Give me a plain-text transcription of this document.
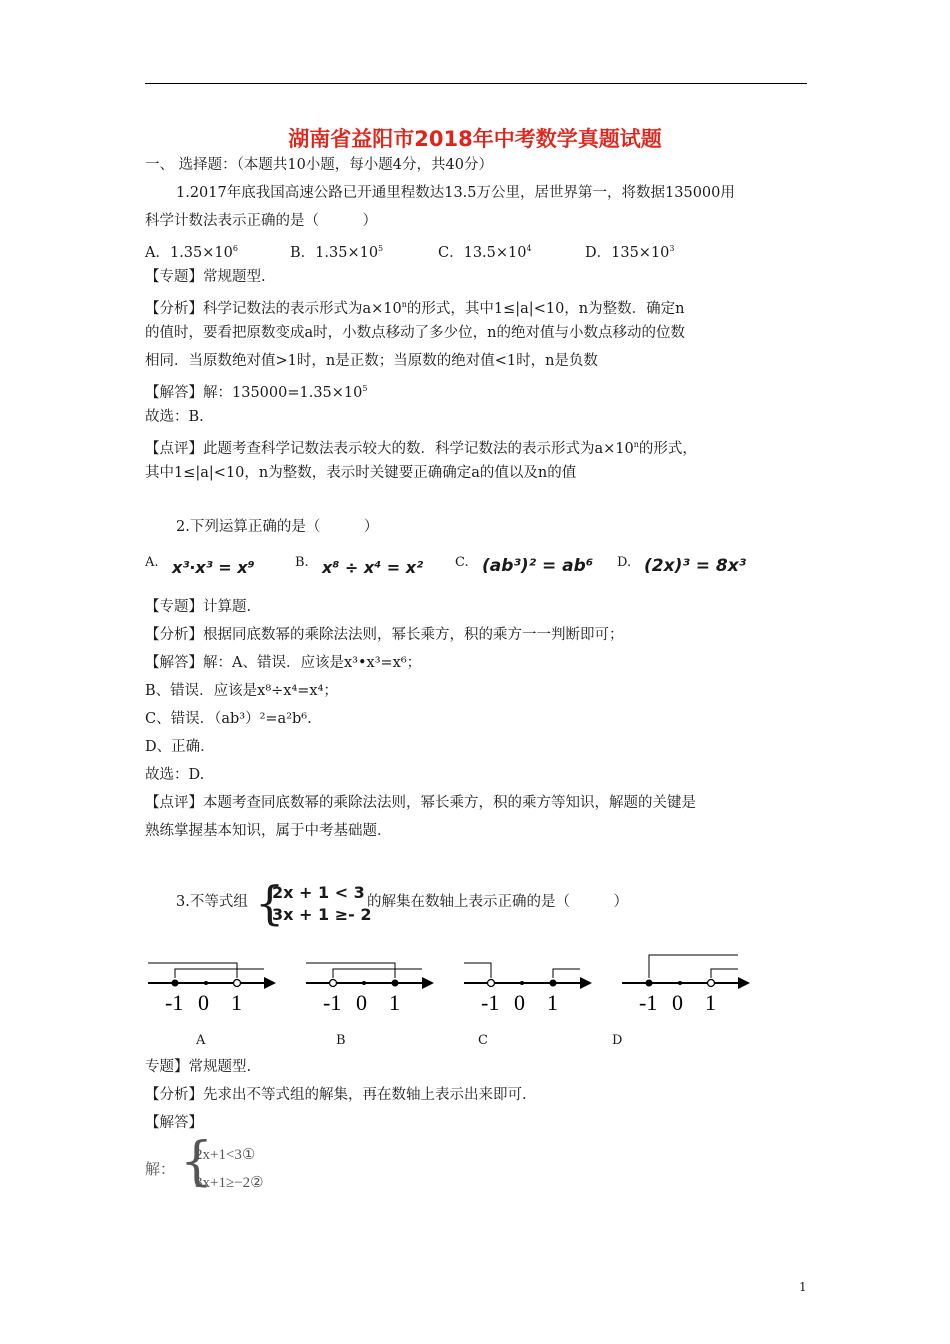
湖南省益阳市2018年中考数学真题试题
一、 选择题：（本题共10小题，每小题4分，共40分）
1.2017年底我国高速公路已开通里程数达13.5万公里，居世界第一，将数据135000用
科学计数法表示正确的是（　　　）
A．$1.35\times 10^6$	B．$1.35\times 10^5$	C．$13.5\times 10^4$	D．$135\times 10^3$
【专题】常规题型.
【分析】科学记数法的表示形式为$a\times 10^n$的形式，其中1≤|a|<10，n为整数．确定n
的值时，要看把原数变成a时，小数点移动了多少位，n的绝对值与小数点移动的位数
相同．当原数绝对值>1时，n是正数；当原数的绝对值<1时，n是负数
【解答】解：$135000=1.35\times 10^5$
故选：B.
【点评】此题考查科学记数法表示较大的数．科学记数法的表示形式为$a\times 10^n$的形式，
其中1≤|a|<10，n为整数，表示时关键要正确确定a的值以及n的值
2.下列运算正确的是（　　　）
A. x³⋅x³ = x⁹	B. x⁸ ÷ x⁴ = x² C. (ab³)² = ab⁶ D. (2x)³ = 8x³
【专题】计算题.
【分析】根据同底数幂的乘除法法则，幂长乘方，积的乘方一一判断即可；
【解答】解：A、错误．应该是x³•x³=x⁶；
B、错误．应该是x⁸÷x⁴=x⁴；
C、错误．（ab³）²=a²b⁶.
D、正确．
故选：D.
【点评】本题考查同底数幂的乘除法法则，幂长乘方，积的乘方等知识，解题的关键是
熟练掌握基本知识，属于中考基础题．
3.不等式组 {
2x + 1 < 3
3x + 1 ≥- 2
的解集在数轴上表示正确的是（　　　）
-1 0 1	-1 0 1	-1 0 1	-1 0 1
A	B	C	D
专题】常规题型.
【分析】先求出不等式组的解集，再在数轴上表示出来即可.
【解答】
解： {
2x+1<3①
3x+1≥−2②
1
